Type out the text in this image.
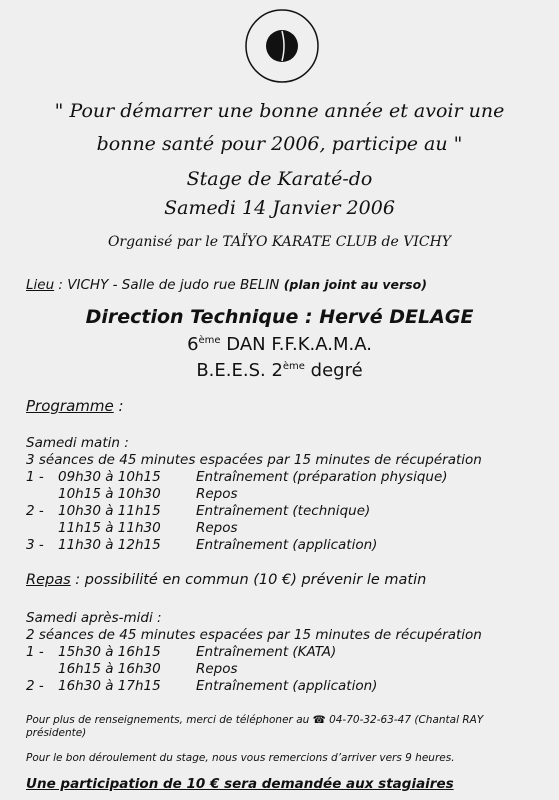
" Pour démarrer une bonne année et avoir une
bonne santé pour 2006, participe au "
Stage de Karaté-do
Samedi 14 Janvier 2006
Organisé par le TAÏYO KARATE CLUB de VICHY
Lieu : VICHY - Salle de judo rue BELIN (plan joint au verso)
Direction Technique : Hervé DELAGE
6ème DAN F.F.K.A.M.A.
B.E.E.S. 2ème degré
Programme :
Samedi matin :
3 séances de 45 minutes espacées par 15 minutes de récupération
1 - 09h30 à 10h15	Entraînement (préparation physique)
10h15 à 10h30	Repos
2 - 10h30 à 11h15	Entraînement (technique)
11h15 à 11h30	Repos
3 - 11h30 à 12h15	Entraînement (application)
Repas : possibilité en commun (10 €) prévenir le matin
Samedi après-midi :
2 séances de 45 minutes espacées par 15 minutes de récupération
1 - 15h30 à 16h15	Entraînement (KATA)
16h15 à 16h30	Repos
2 - 16h30 à 17h15	Entraînement (application)
Pour plus de renseignements, merci de téléphoner au ☎ 04-70-32-63-47 (Chantal RAY
présidente)
Pour le bon déroulement du stage, nous vous remercions d’arriver vers 9 heures.
Une participation de 10 € sera demandée aux stagiaires
